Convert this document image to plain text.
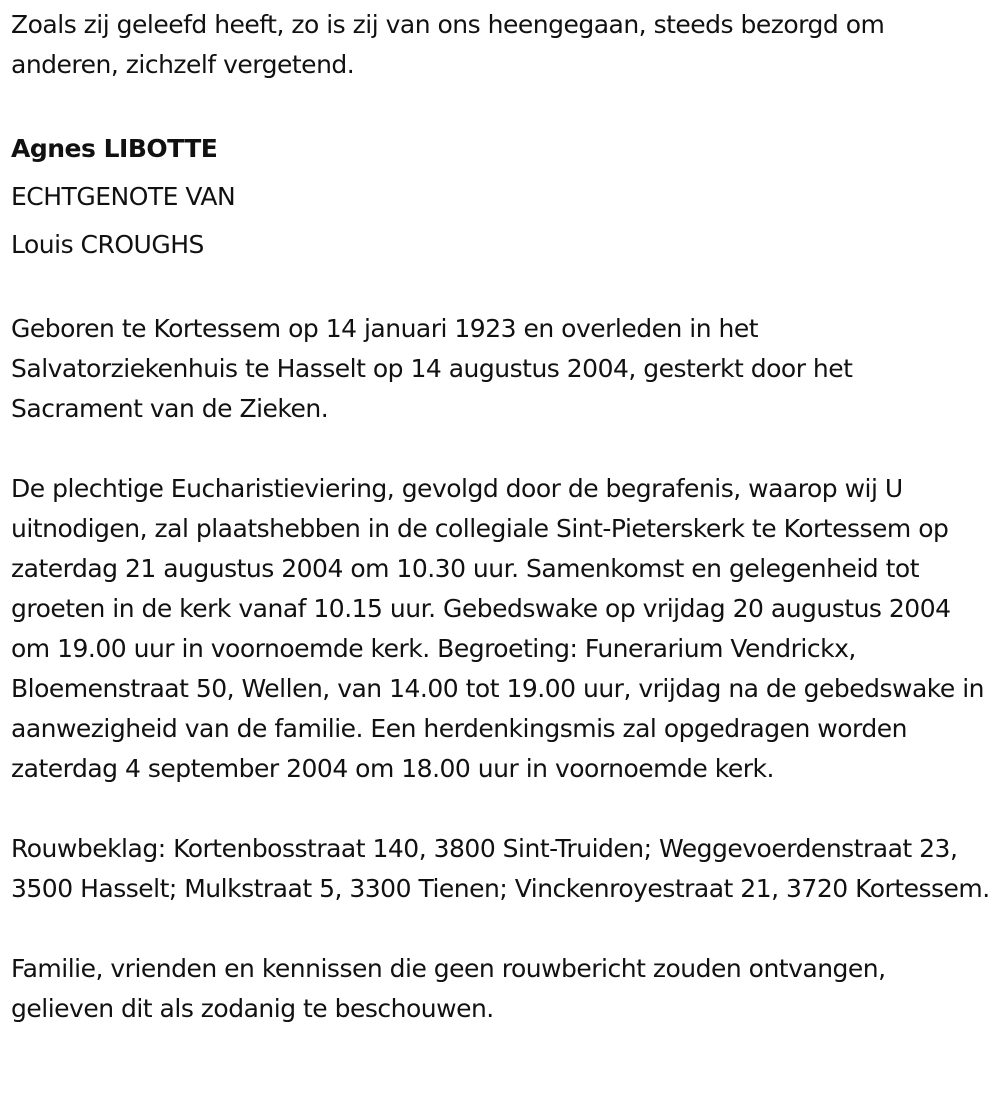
Zoals zij geleefd heeft, zo is zij van ons heengegaan, steeds bezorgd om anderen, zichzelf vergetend.

Agnes LIBOTTE

ECHTGENOTE VAN

Louis CROUGHS

Geboren te Kortessem op 14 januari 1923 en overleden in het Salvatorziekenhuis te Hasselt op 14 augustus 2004, gesterkt door het Sacrament van de Zieken.

De plechtige Eucharistieviering, gevolgd door de begrafenis, waarop wij U uitnodigen, zal plaatshebben in de collegiale Sint-Pieterskerk te Kortessem op zaterdag 21 augustus 2004 om 10.30 uur. Samenkomst en gelegenheid tot groeten in de kerk vanaf 10.15 uur. Gebedswake op vrijdag 20 augustus 2004 om 19.00 uur in voornoemde kerk. Begroeting: Funerarium Vendrickx, Bloemenstraat 50, Wellen, van 14.00 tot 19.00 uur, vrijdag na de gebedswake in aanwezigheid van de familie. Een herdenkingsmis zal opgedragen worden zaterdag 4 september 2004 om 18.00 uur in voornoemde kerk.

Rouwbeklag: Kortenbosstraat 140, 3800 Sint-Truiden; Weggevoerdenstraat 23, 3500 Hasselt; Mulkstraat 5, 3300 Tienen; Vinckenroyestraat 21, 3720 Kortessem.

Familie, vrienden en kennissen die geen rouwbericht zouden ontvangen, gelieven dit als zodanig te beschouwen.
